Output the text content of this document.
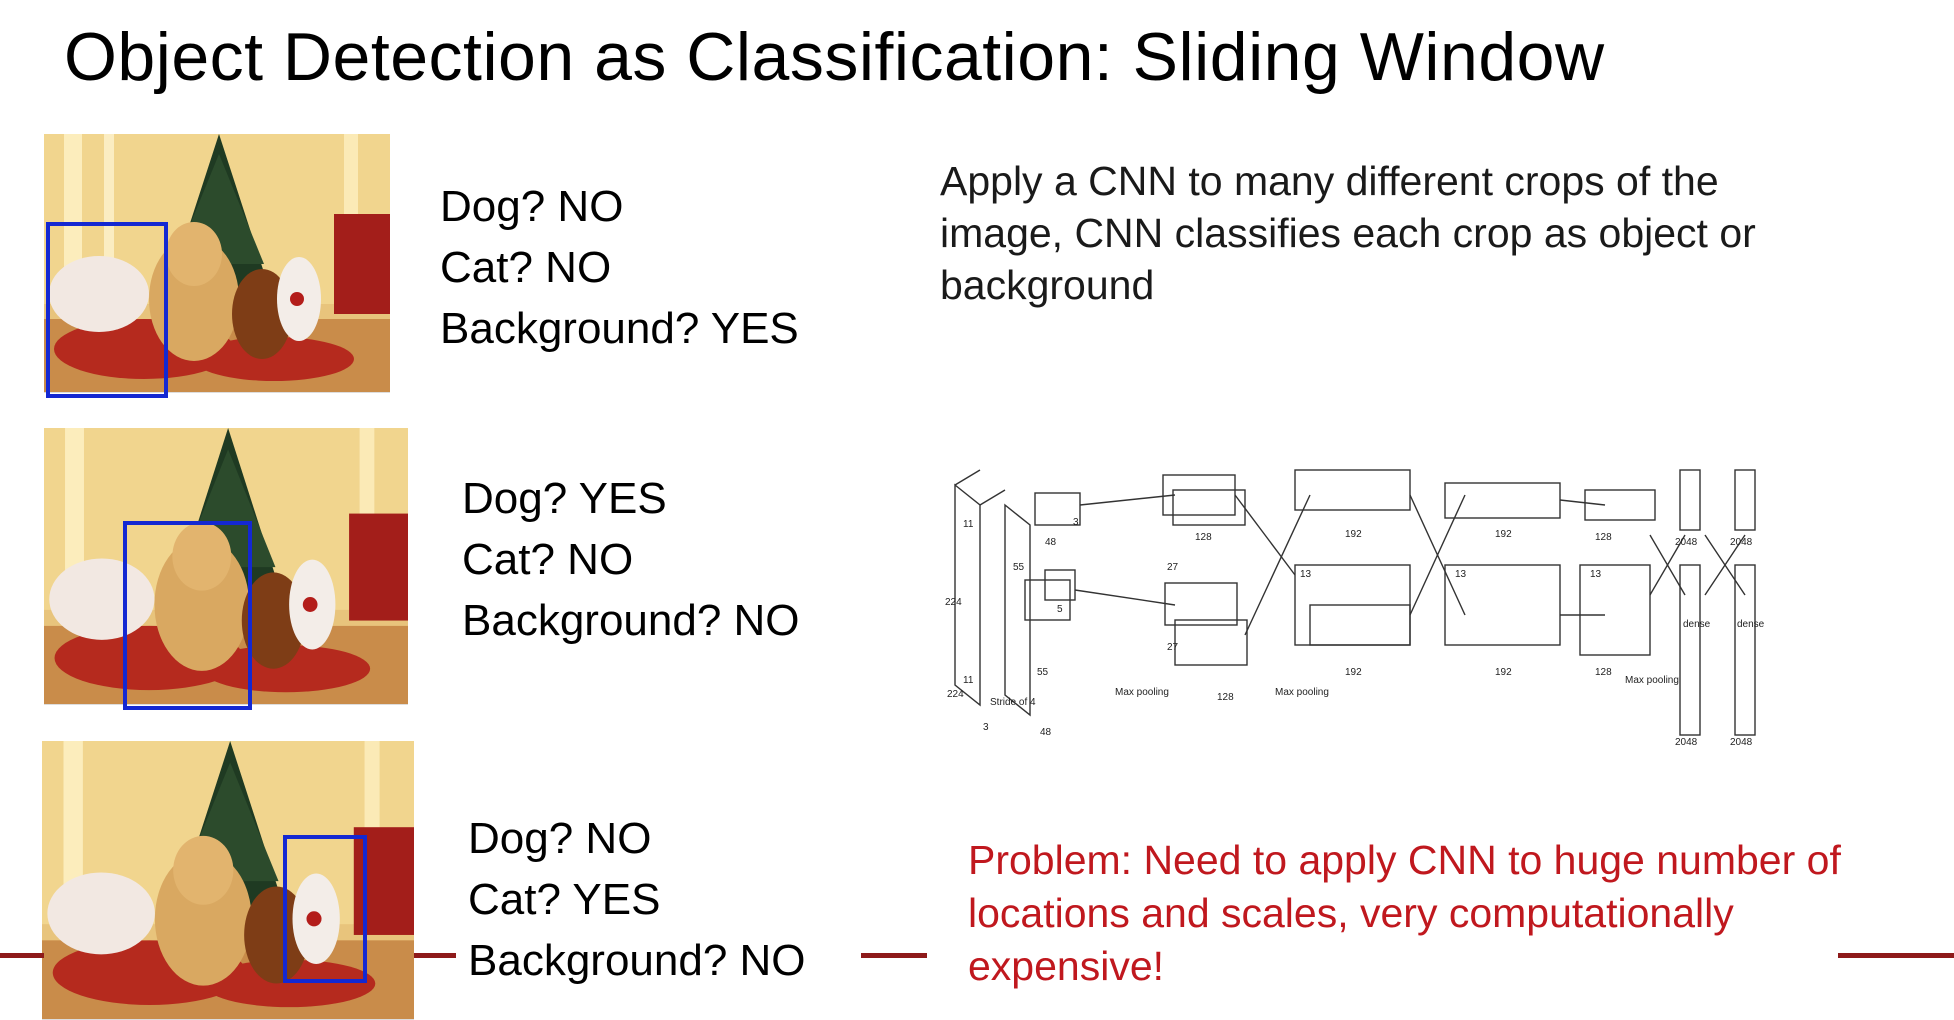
Object Detection as Classification: Sliding Window
Dog? NO
Cat? NO
Background? YES
Dog? YES
Cat? NO
Background? NO
Dog? NO
Cat? YES
Background? NO
Apply a CNN to many different crops of the image, CNN classifies each crop as object or background
224
224
11
11
3
Stride of 4
55
55
48
48
5
27
27
128
128
128
128
13	13	13
192	192
192	192
2048	2048
2048	2048
Max pooling	Max pooling
Max pooling
dense	dense
3
Problem: Need to apply CNN to huge number of locations and scales, very computationally expensive!
